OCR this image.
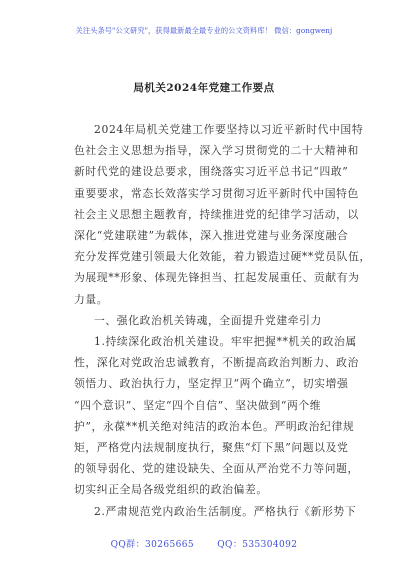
关注头条号"公文研究"，获得最新最全最专业的公文资料库！ 微信：gongwenj
局机关2024年党建工作要点
2024年局机关党建工作要坚持以习近平新时代中国特
色社会主义思想为指导，深入学习贯彻党的二十大精神和
新时代党的建设总要求，围绕落实习近平总书记“四敢”
重要要求，常态长效落实学习贯彻习近平新时代中国特色
社会主义思想主题教育，持续推进党的纪律学习活动，以
深化“党建联建”为载体，深入推进党建与业务深度融合
充分发挥党建引领最大化效能，着力锻造过硬**党员队伍，
为展现**形象、体现先锋担当、扛起发展重任、贡献有为
力量。
一、强化政治机关铸魂，全面提升党建牵引力
1.持续深化政治机关建设。牢牢把握**机关的政治属
性，深化对党政治忠诚教育，不断提高政治判断力、政治
领悟力、政治执行力，坚定捍卫“两个确立”，切实增强
“四个意识”、坚定“四个自信”、坚决做到“两个维
护”，永葆**机关绝对纯洁的政治本色。严明政治纪律规
矩，严格党内法规制度执行，聚焦“灯下黑”问题以及党
的领导弱化、党的建设缺失、全面从严治党不力等问题，
切实纠正全局各级党组织的政治偏差。
2.严肃规范党内政治生活制度。严格执行《新形势下
QQ群：30265665	QQ：535304092
